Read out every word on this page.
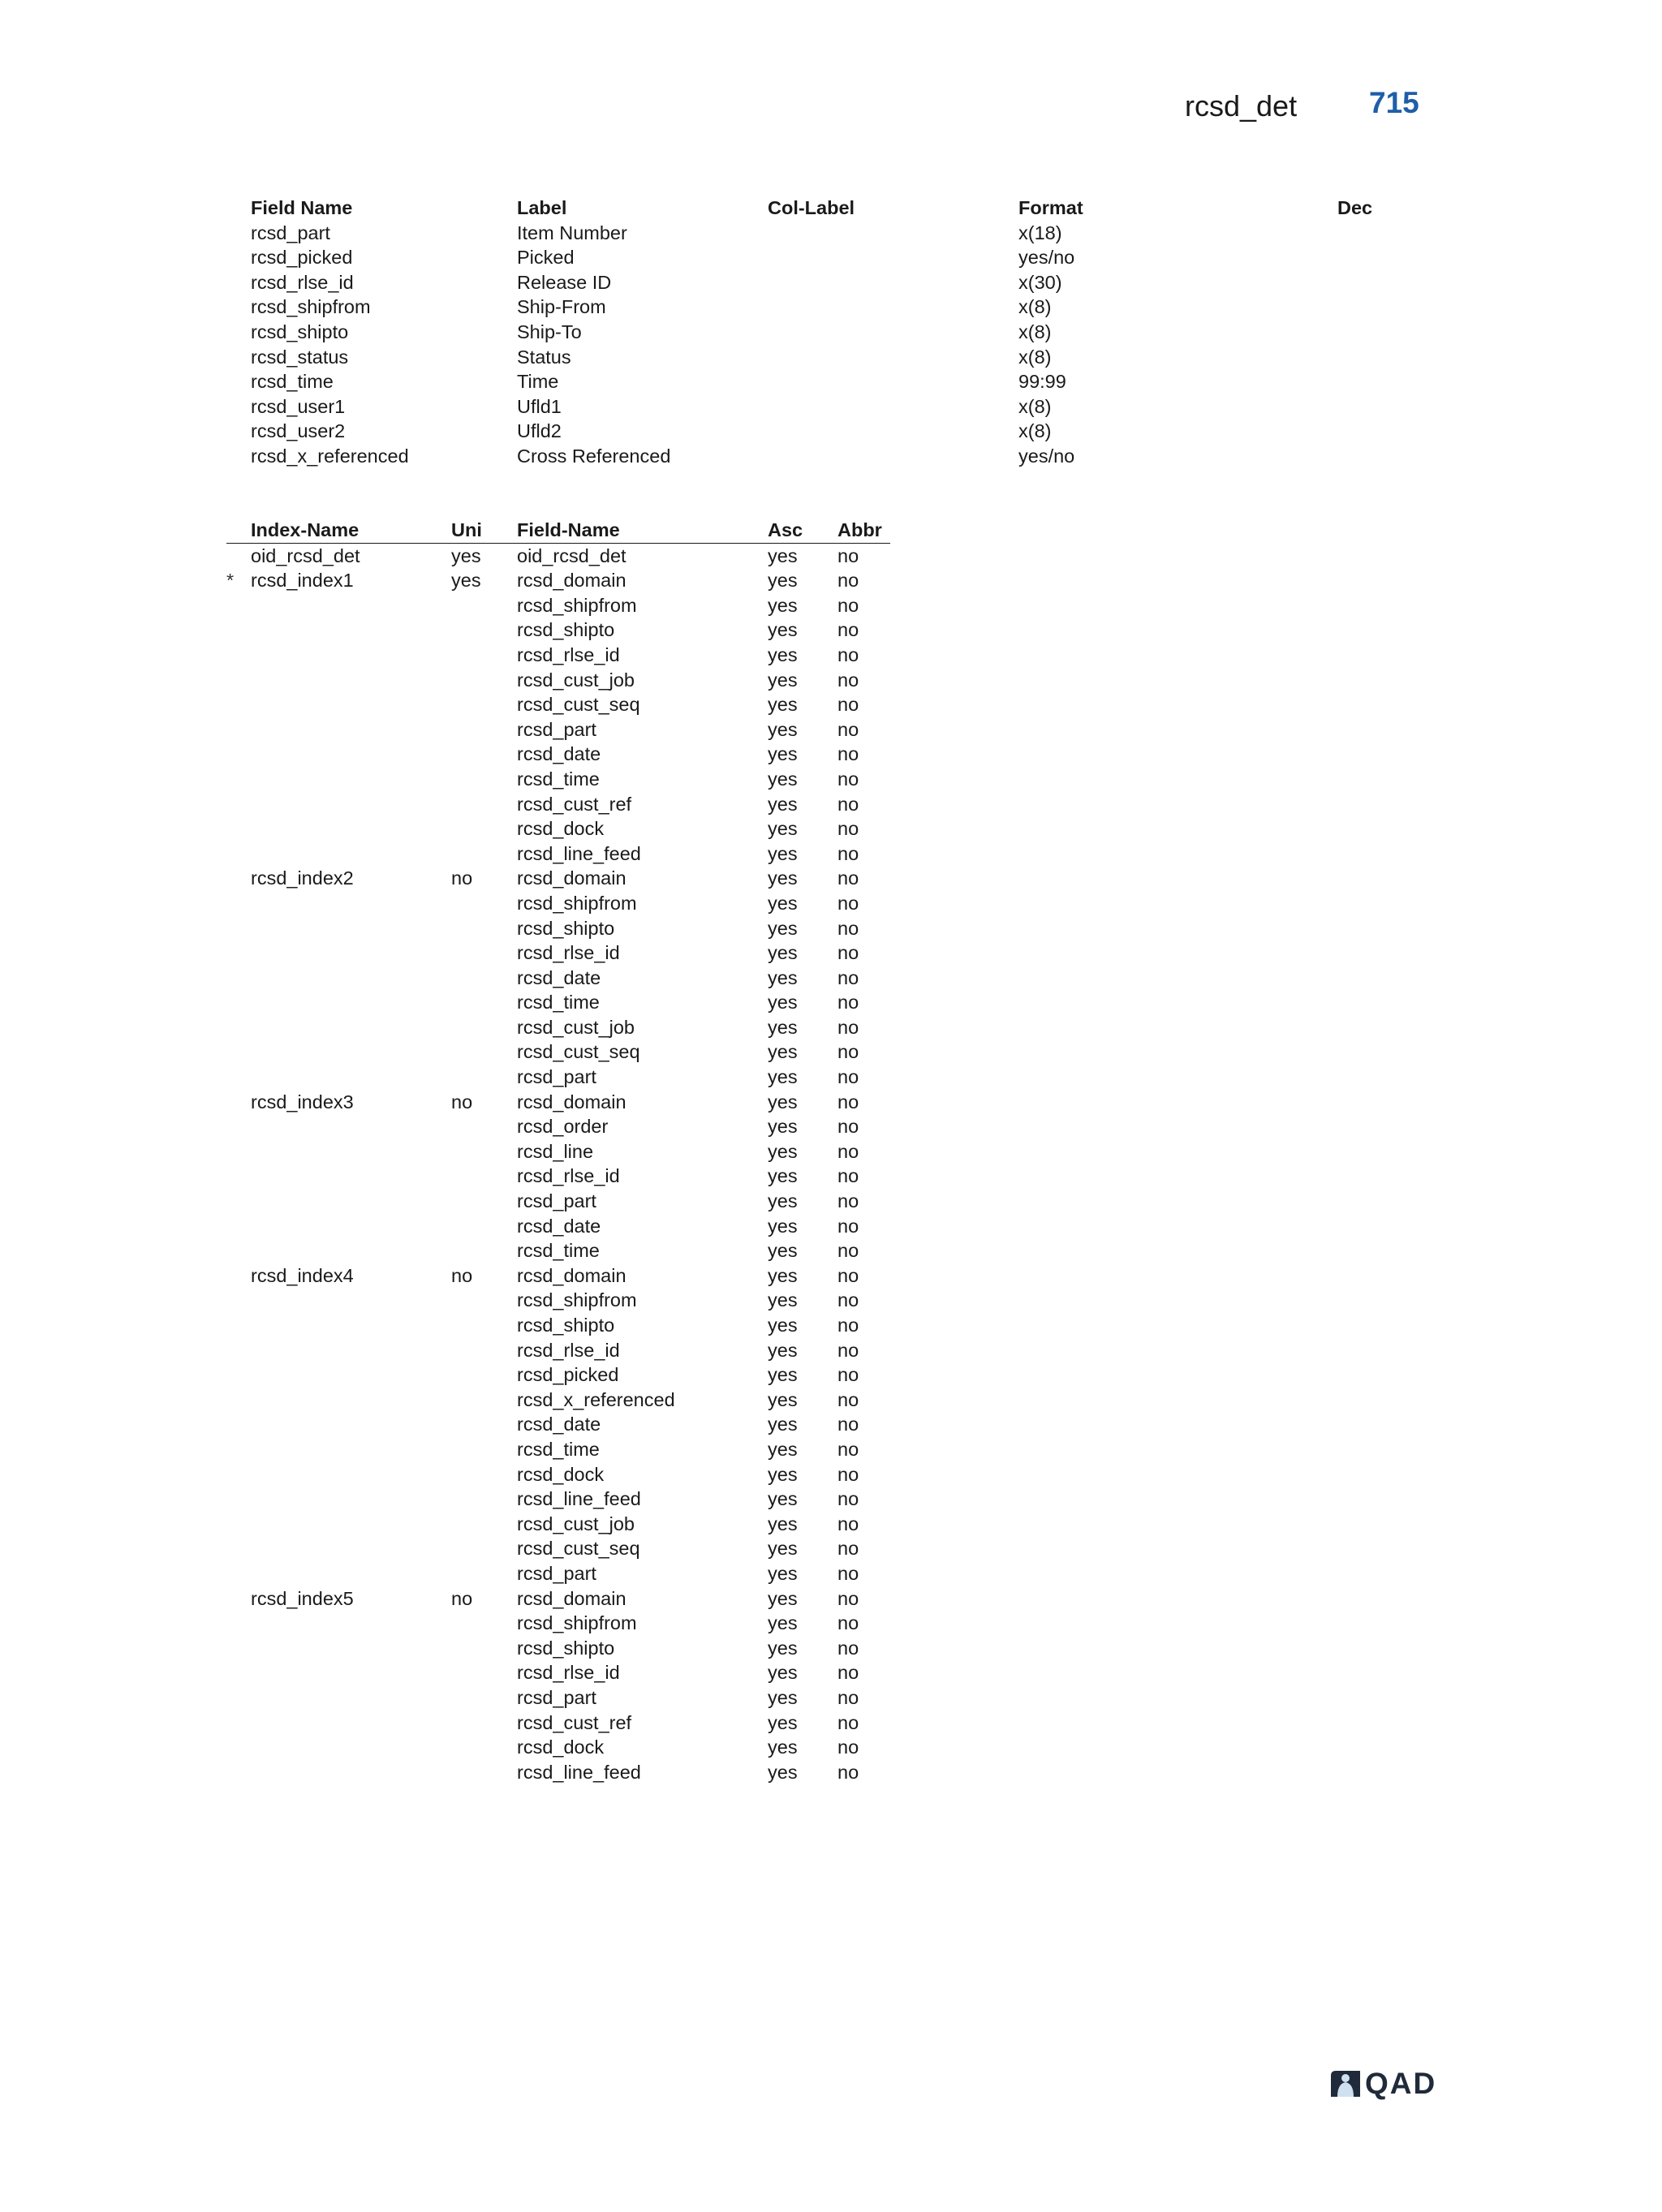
rcsd_det 715
Field Name	Label	Col-Label	Format	Dec
rcsd_part	Item Number		x(18)	
rcsd_picked	Picked		yes/no	
rcsd_rlse_id	Release ID		x(30)	
rcsd_shipfrom	Ship-From		x(8)	
rcsd_shipto	Ship-To		x(8)	
rcsd_status	Status		x(8)	
rcsd_time	Time		99:99	
rcsd_user1	Ufld1		x(8)	
rcsd_user2	Ufld2		x(8)	
rcsd_x_referenced	Cross Referenced		yes/no	
	Index-Name	Uni	Field-Name	Asc	Abbr
	oid_rcsd_det	yes	oid_rcsd_det	yes	no
*	rcsd_index1	yes	rcsd_domain	yes	no
			rcsd_shipfrom	yes	no
			rcsd_shipto	yes	no
			rcsd_rlse_id	yes	no
			rcsd_cust_job	yes	no
			rcsd_cust_seq	yes	no
			rcsd_part	yes	no
			rcsd_date	yes	no
			rcsd_time	yes	no
			rcsd_cust_ref	yes	no
			rcsd_dock	yes	no
			rcsd_line_feed	yes	no
	rcsd_index2	no	rcsd_domain	yes	no
			rcsd_shipfrom	yes	no
			rcsd_shipto	yes	no
			rcsd_rlse_id	yes	no
			rcsd_date	yes	no
			rcsd_time	yes	no
			rcsd_cust_job	yes	no
			rcsd_cust_seq	yes	no
			rcsd_part	yes	no
	rcsd_index3	no	rcsd_domain	yes	no
			rcsd_order	yes	no
			rcsd_line	yes	no
			rcsd_rlse_id	yes	no
			rcsd_part	yes	no
			rcsd_date	yes	no
			rcsd_time	yes	no
	rcsd_index4	no	rcsd_domain	yes	no
			rcsd_shipfrom	yes	no
			rcsd_shipto	yes	no
			rcsd_rlse_id	yes	no
			rcsd_picked	yes	no
			rcsd_x_referenced	yes	no
			rcsd_date	yes	no
			rcsd_time	yes	no
			rcsd_dock	yes	no
			rcsd_line_feed	yes	no
			rcsd_cust_job	yes	no
			rcsd_cust_seq	yes	no
			rcsd_part	yes	no
	rcsd_index5	no	rcsd_domain	yes	no
			rcsd_shipfrom	yes	no
			rcsd_shipto	yes	no
			rcsd_rlse_id	yes	no
			rcsd_part	yes	no
			rcsd_cust_ref	yes	no
			rcsd_dock	yes	no
			rcsd_line_feed	yes	no
QAD
